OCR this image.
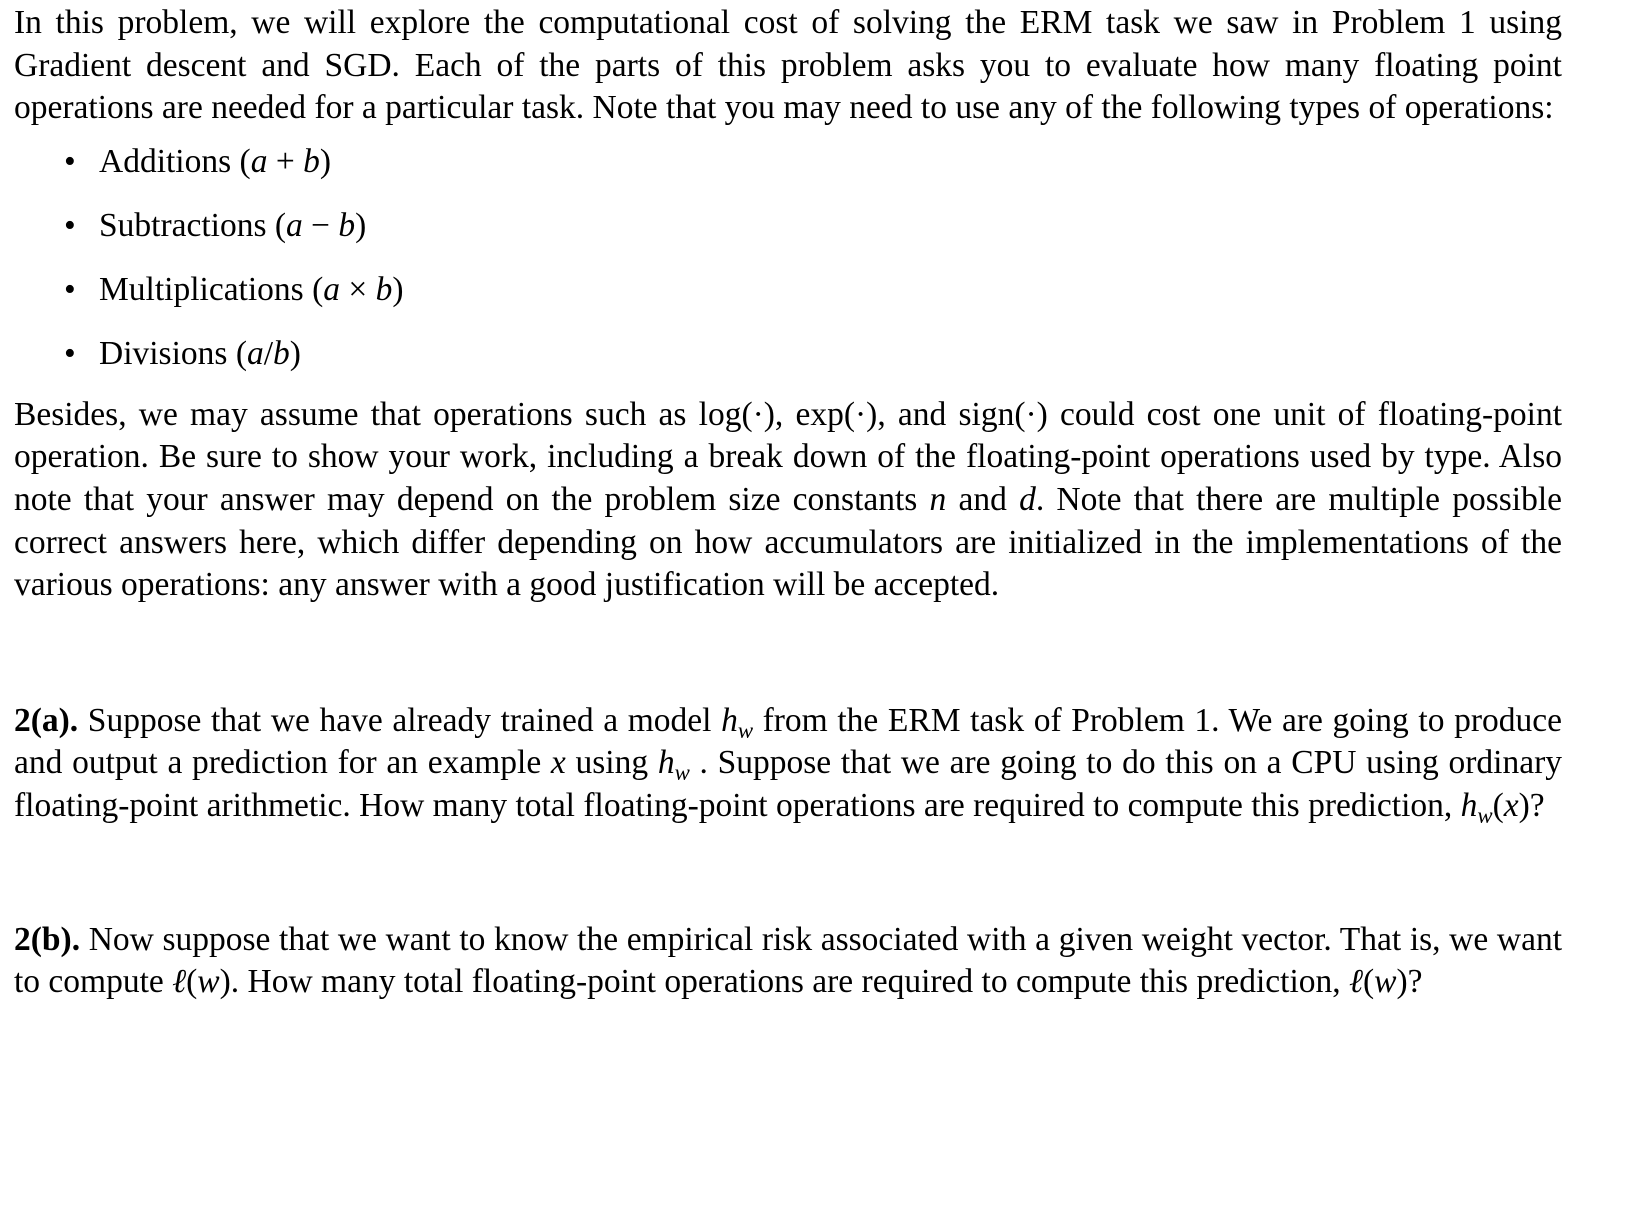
In this problem, we will explore the computational cost of solving the ERM task we saw in Problem 1 using Gradient descent and SGD. Each of the parts of this problem asks you to evaluate how many floating point operations are needed for a particular task. Note that you may need to use any of the following types of operations:

• Additions (a + b)
• Subtractions (a − b)
• Multiplications (a × b)
• Divisions (a/b)

Besides, we may assume that operations such as log(·), exp(·), and sign(·) could cost one unit of floating-point operation. Be sure to show your work, including a break down of the floating-point operations used by type. Also note that your answer may depend on the problem size constants n and d. Note that there are multiple possible correct answers here, which differ depending on how accumulators are initialized in the implementations of the various operations: any answer with a good justification will be accepted.

2(a). Suppose that we have already trained a model $h_w$ from the ERM task of Problem 1. We are going to produce and output a prediction for an example x using $h_w$ . Suppose that we are going to do this on a CPU using ordinary floating-point arithmetic. How many total floating-point operations are required to compute this prediction, $h_w(x)$?

2(b). Now suppose that we want to know the empirical risk associated with a given weight vector. That is, we want to compute ℓ(w). How many total floating-point operations are required to compute this prediction, ℓ(w)?
